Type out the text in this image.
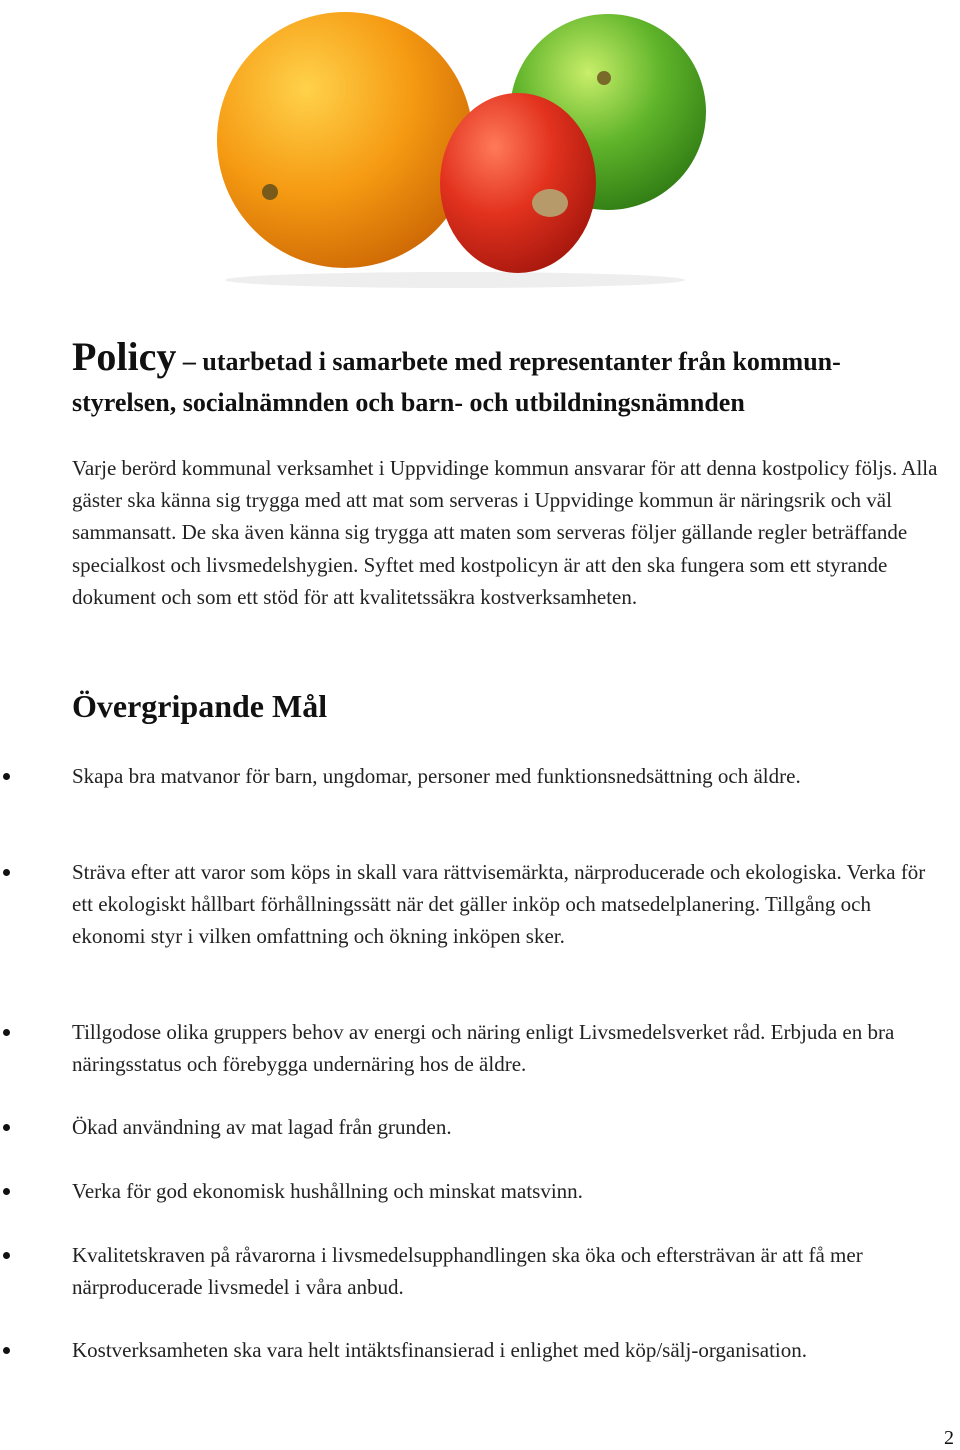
Policy – utarbetad i samarbete med representanter från kommun-styrelsen, socialnämnden och barn- och utbildningsnämnden

Varje berörd kommunal verksamhet i Uppvidinge kommun ansvarar för att denna kostpolicy följs. Alla gäster ska känna sig trygga med att mat som serveras i Uppvidinge kommun är näringsrik och väl sammansatt. De ska även känna sig trygga att maten som serveras följer gällande regler beträffande specialkost och livsmedelshygien. Syftet med kostpolicyn är att den ska fungera som ett styrande dokument och som ett stöd för att kvalitetssäkra kostverksamheten.

Övergripande Mål
Skapa bra matvanor för barn, ungdomar, personer med funktionsnedsättning och äldre.
Sträva efter att varor som köps in skall vara rättvisemärkta, närproducerade och ekologiska. Verka för ett ekologiskt hållbart förhållningssätt när det gäller inköp och matsedelplanering. Tillgång och ekonomi styr i vilken omfattning och ökning inköpen sker.
Tillgodose olika gruppers behov av energi och näring enligt Livsmedelsverket råd. Erbjuda en bra näringsstatus och förebygga undernäring hos de äldre.
Ökad användning av mat lagad från grunden.
Verka för god ekonomisk hushållning och minskat matsvinn.
Kvalitetskraven på råvarorna i livsmedelsupphandlingen ska öka och eftersträvan är att få mer närproducerade livsmedel i våra anbud.
Kostverksamheten ska vara helt intäktsfinansierad i enlighet med köp/sälj-organisation.
2
